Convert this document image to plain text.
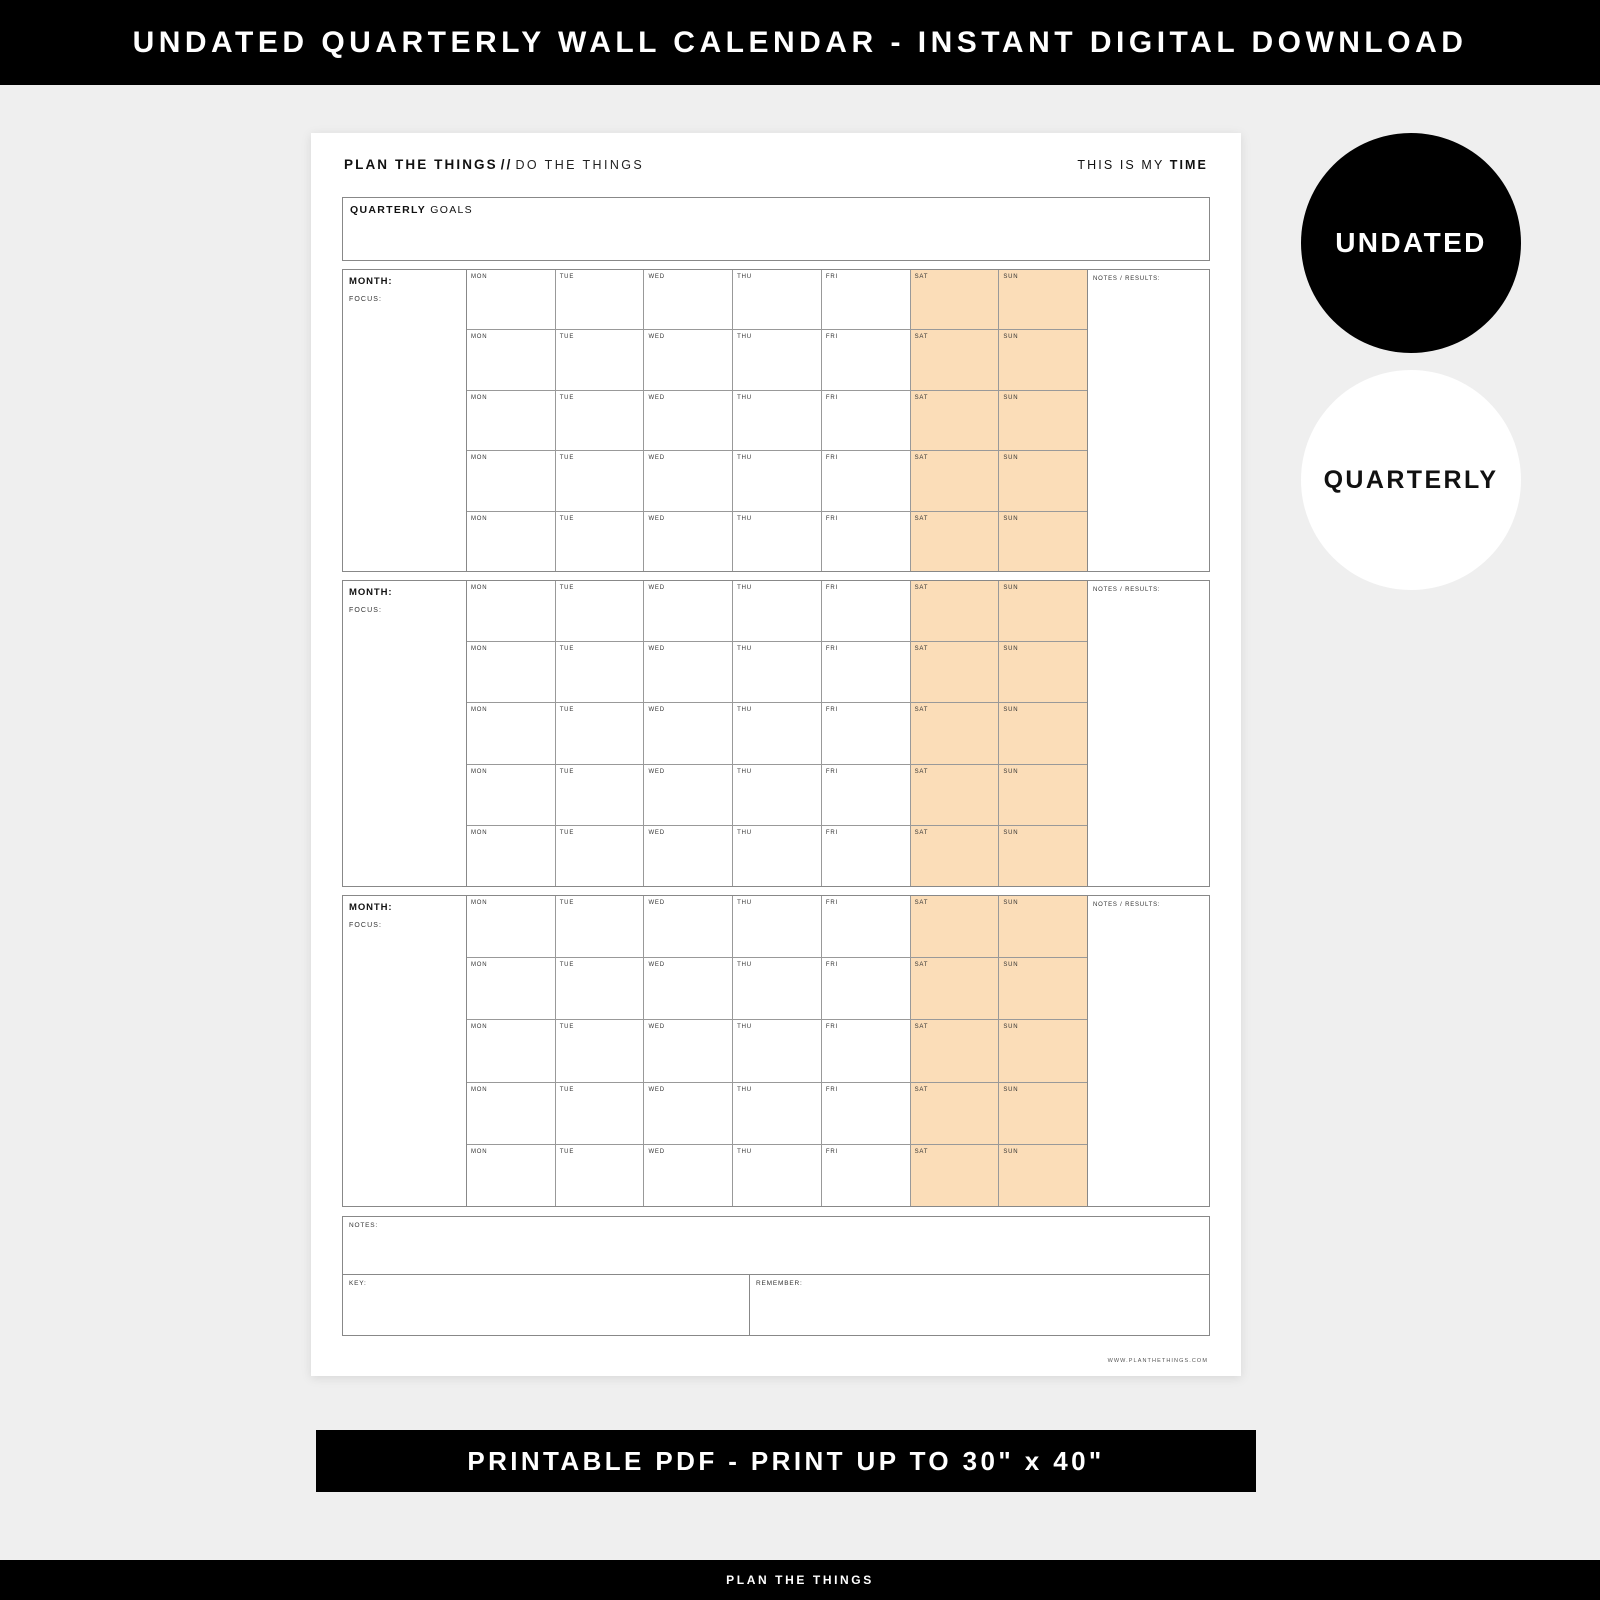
UNDATED QUARTERLY WALL CALENDAR - INSTANT DIGITAL DOWNLOAD
UNDATED
QUARTERLY
PLAN THE THINGS // DO THE THINGS	THIS IS MY TIME
QUARTERLY GOALS
MONTH:
FOCUS:
MON	TUE	WED	THU	FRI	SAT	SUN
MON	TUE	WED	THU	FRI	SAT	SUN
MON	TUE	WED	THU	FRI	SAT	SUN
MON	TUE	WED	THU	FRI	SAT	SUN
MON	TUE	WED	THU	FRI	SAT	SUN
NOTES / RESULTS:
MONTH:
FOCUS:
MON	TUE	WED	THU	FRI	SAT	SUN
MON	TUE	WED	THU	FRI	SAT	SUN
MON	TUE	WED	THU	FRI	SAT	SUN
MON	TUE	WED	THU	FRI	SAT	SUN
MON	TUE	WED	THU	FRI	SAT	SUN
NOTES / RESULTS:
MONTH:
FOCUS:
MON	TUE	WED	THU	FRI	SAT	SUN
MON	TUE	WED	THU	FRI	SAT	SUN
MON	TUE	WED	THU	FRI	SAT	SUN
MON	TUE	WED	THU	FRI	SAT	SUN
MON	TUE	WED	THU	FRI	SAT	SUN
NOTES / RESULTS:
NOTES:
KEY:	REMEMBER:
WWW.PLANTHETHINGS.COM
PRINTABLE PDF - PRINT UP TO 30" x 40"
PLAN THE THINGS
